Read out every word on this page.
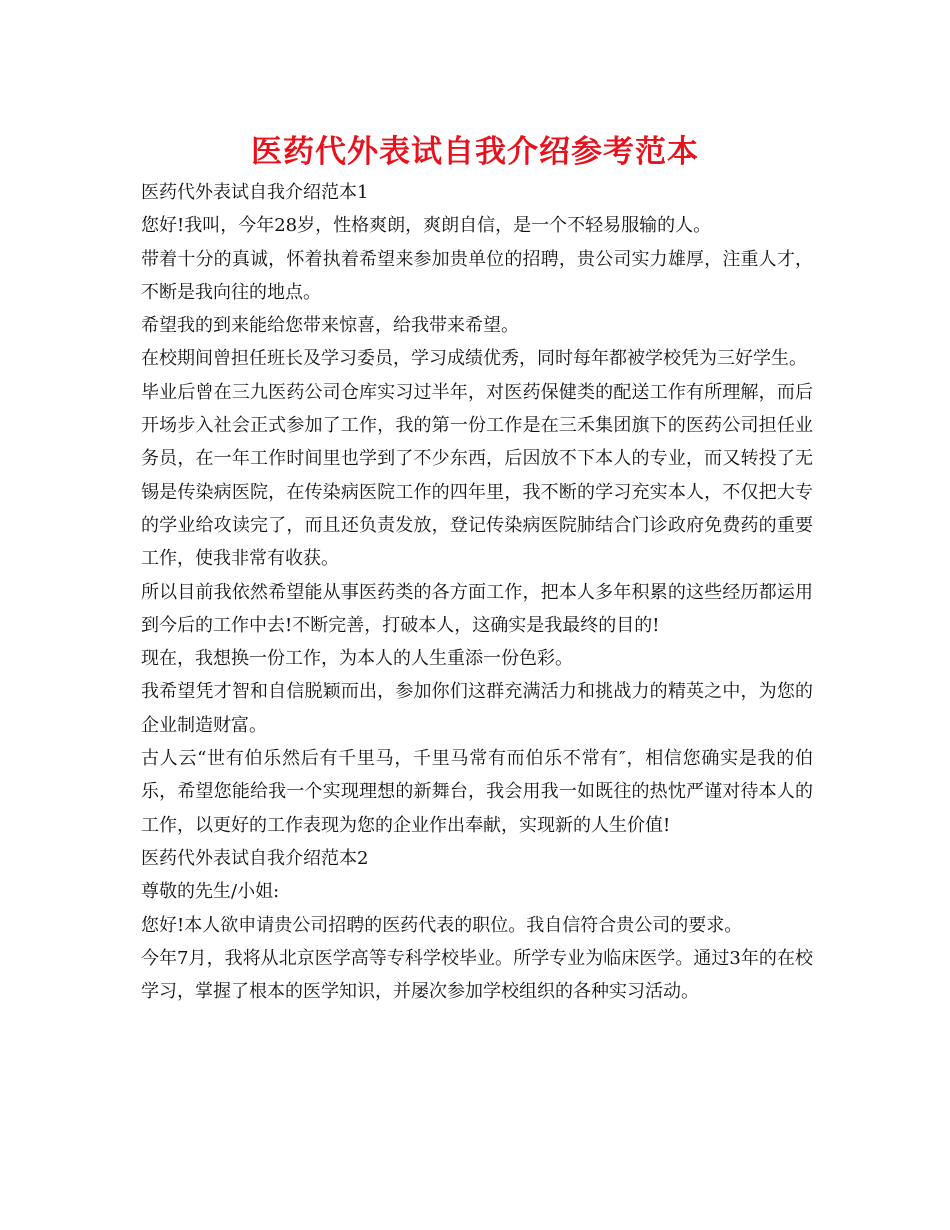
医药代外表试自我介绍参考范本

医药代外表试自我介绍范本1

您好!我叫，今年28岁，性格爽朗，爽朗自信，是一个不轻易服输的人。

带着十分的真诚，怀着执着希望来参加贵单位的招聘，贵公司实力雄厚，注重人才，不断是我向往的地点。

希望我的到来能给您带来惊喜，给我带来希望。

在校期间曾担任班长及学习委员，学习成绩优秀，同时每年都被学校凭为三好学生。

毕业后曾在三九医药公司仓库实习过半年，对医药保健类的配送工作有所理解，而后开场步入社会正式参加了工作，我的第一份工作是在三禾集团旗下的医药公司担任业务员，在一年工作时间里也学到了不少东西，后因放不下本人的专业，而又转投了无锡是传染病医院，在传染病医院工作的四年里，我不断的学习充实本人，不仅把大专的学业给攻读完了，而且还负责发放，登记传染病医院肺结合门诊政府免费药的重要工作，使我非常有收获。

所以目前我依然希望能从事医药类的各方面工作，把本人多年积累的这些经历都运用到今后的工作中去!不断完善，打破本人，这确实是我最终的目的!

现在，我想换一份工作，为本人的人生重添一份色彩。

我希望凭才智和自信脱颖而出，参加你们这群充满活力和挑战力的精英之中，为您的企业制造财富。

古人云“世有伯乐然后有千里马，千里马常有而伯乐不常有″，相信您确实是我的伯乐，希望您能给我一个实现理想的新舞台，我会用我一如既往的热忱严谨对待本人的工作，以更好的工作表现为您的企业作出奉献，实现新的人生价值!

医药代外表试自我介绍范本2

尊敬的先生/小姐:

您好!本人欲申请贵公司招聘的医药代表的职位。我自信符合贵公司的要求。

今年7月，我将从北京医学高等专科学校毕业。所学专业为临床医学。通过3年的在校学习，掌握了根本的医学知识，并屡次参加学校组织的各种实习活动。
